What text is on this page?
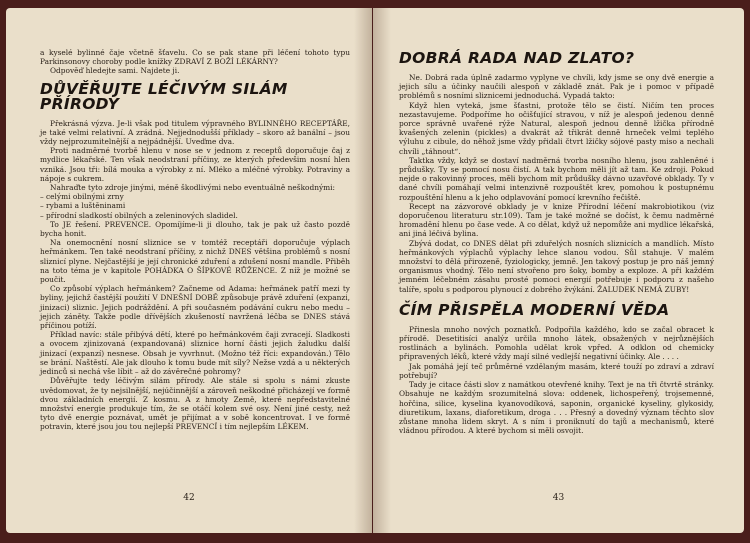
a kyselé bylinné čaje včetně šťavelu. Co se pak stane při léčení tohoto typu Parkinsonovy choroby podle knížky ZDRAVÍ Z BOŽÍ LÉKÁRNY?

Odpověď hledejte sami. Najdete ji.

DŮVĚŘUJTE LÉČIVÝM SILÁM PŘÍRODY

Překrásná výzva. Je-li však pod titulem výpravného BYLINNÉHO RECEPTÁŘE, je také velmi relativní. A zrádná. Nejjednodušší příklady – skoro až banální – jsou vždy nejprozumitelnější a nejpádnější. Uveďme dva.

Proti nadměrné tvorbě hlenu v nose se v jednom z receptů doporučuje čaj z mydlice lékařské. Ten však neodstraní příčiny, ze kterých předevšim nosní hlen vzniká. Jsou tři: bílá mouka a výrobky z ní. Mléko a mléčné výrobky. Potraviny a nápoje s cukrem.

Nahraďte tyto zdroje jinými, méně škodlivými nebo eventuálně neškodnými:

– celými obilnými zrny

– rybami a luštěninami

– přírodní sladkostí obilných a zeleninových sladidel.

To JE řešení. PREVENCE. Opomíjíme-li ji dlouho, tak je pak už často pozdě bycha honit.

Na onemocnění nosní sliznice se v tomtéž receptáři doporučuje výplach heřmánkem. Ten také neodstraní příčiny, z nichž DNES většina problémů s nosní sliznicí plyne. Nejčastější je její chronické zduření a zdušení nosní mandle. Přiběh na toto téma je v kapitole POHÁDKA O ŠÍPKOVÉ RŮŽENCE. Z níž je možné se poučit.

Co způsobí výplach heřmánkem? Začneme od Adama: heřmánek patří mezi ty byliny, jejichž častější použití V DNEŠNÍ DOBĚ způsobuje právě zduření (expanzi, jinizaci) sliznic. Jejich podráždění. A při současném podávání cukru nebo medu – jejich záněty. Takže podle dřívějších zkušeností navržená léčba se DNES stává příčinou potíží.

Příklad navíc: stále přibývá dětí, které po heřmánkovém čaji zvracejí. Sladkosti a ovocem zjinizovaná (expandovaná) sliznice horní části jejich žaludku další jinizací (expanzí) nesnese. Obsah je vyvrhnut. (Možno též říci: expandován.) Tělo se brání. Naštěstí. Ale jak dlouho k tomu bude mít síly? Nežse vzdá a u některých jedinců si nechá vše líbit – až do závěrečné pohromy?

Důvěřujte tedy léčivým silám přírody. Ale stále si spolu s námi zkuste uvědomovat, že ty nejsilnější, nejúčinnější a zároveň neškodné přicházejí ve formě dvou základních energií. Z kosmu. A z hmoty Země, které nepředstavitelné množství energie produkuje tím, že se otáčí kolem své osy. Není jiné cesty, než tyto dvě energie poznávat, umět je přijímat a v sobě koncentrovat. I ve formě potravin, které jsou jou tou nejlepší PREVENCÍ i tím nejlepším LÉKEM.

42
DOBRÁ RADA NAD ZLATO?

Ne. Dobrá rada úplně zadarmo vyplyne ve chvíli, kdy jsme se ony dvě energie a jejich sílu a účinky naučili alespoň v základě znát. Pak je i pomoc v případě problémů s nosními sliznicemi jednoduchá. Vypadá takto:

Když hlen vyteká, jsme šťastni, protože tělo se čistí. Ničím ten proces nezastavujeme. Podpoříme ho očišťující stravou, v níž je alespoň jedenou denně porce správně uvařené rýže Natural, alespoň jednou denně lžička přírodně kvašených zelenin (pickles) a dvakrát až třikrát denně hrneček velmi teplého výluhu z cibule, do něhož jsme vždy přidali čtvrt lžičky sójové pasty miso a nechali chvíli „táhnout“.

Taktka vždy, když se dostaví nadměrná tvorba nosního hlenu, jsou zahleněné i průdušky. Ty se pomocí nosu čistí. A tak bychom měli jít až tam. Ke zdroji. Pokud nejde o rakovinný proces, měli bychom mít průdušky dávno uzavřové obklady. Ty v dané chvíli pomáhají velmi intenzivně rozpouštět krev, pomohou k postupnému rozpouštění hlenu a k jeho odplavování pomocí krevního řečiště.

Recept na zázvorové obklady je v knize Přírodní léčení makrobiotikou (viz doporučenou literaturu str.109). Tam je také možné se dočíst, k čemu nadměrné hromadění hlenu po čase vede. A co dělat, když už nepomůže ani mydlice lékařská, ani jiná léčivá bylina.

Zbývá dodat, co DNES dělat při zduřelých nosních sliznicích a mandlích. Místo heřmánkových výplachů výplachy lehce slanou vodou. Sůl stahuje. V malém množství to dělá přirozeně, fyziologicky, jemně. Jen takový postup je pro náš jemný organismus vhodný. Tělo není stvořeno pro šoky, bomby a exploze. A při každém jemném léčebném zásahu prosté pomoci energií potřebuje i podporu z našeho talíře, spolu s podporou plynoucí z dobrého žvýkání. ŽALUDEK NEMÁ ZUBY!

ČÍM PŘISPĚLA MODERNÍ VĚDA

Přinesla mnoho nových poznatků. Podpořila každého, kdo se začal obracet k přírodě. Desetitisíci analýz určila mnoho látek, obsažených v nejrůznějších rostlinách a bylinách. Pomohla udělat krok vpřed. A odklon od chemicky připravených léků, které vždy mají silné vedlejší negativní účinky. Ale . . . .

Jak pomáhá její teč průměrné vzdělaným masám, které touží po zdraví a zdraví potřebují?

Tady je citace části slov z namátkou otevřené knihy. Text je na tři čtvrtě stránky. Obsahuje ne každým srozumitelná slova: oddenek, lichospeřený, trojsemenné, hořčina, silice, kyselina kyanovodíková, saponin, organické kyseliny, glykosidy, diuretikum, laxans, diaforetikum, droga . . . Přesný a dovedný význam těchto slov zůstane mnoha lidem skryt. A s ním i proniknutí do tajů a mechanismů, které vládnou přírodou. A které bychom si měli osvojit.

43
